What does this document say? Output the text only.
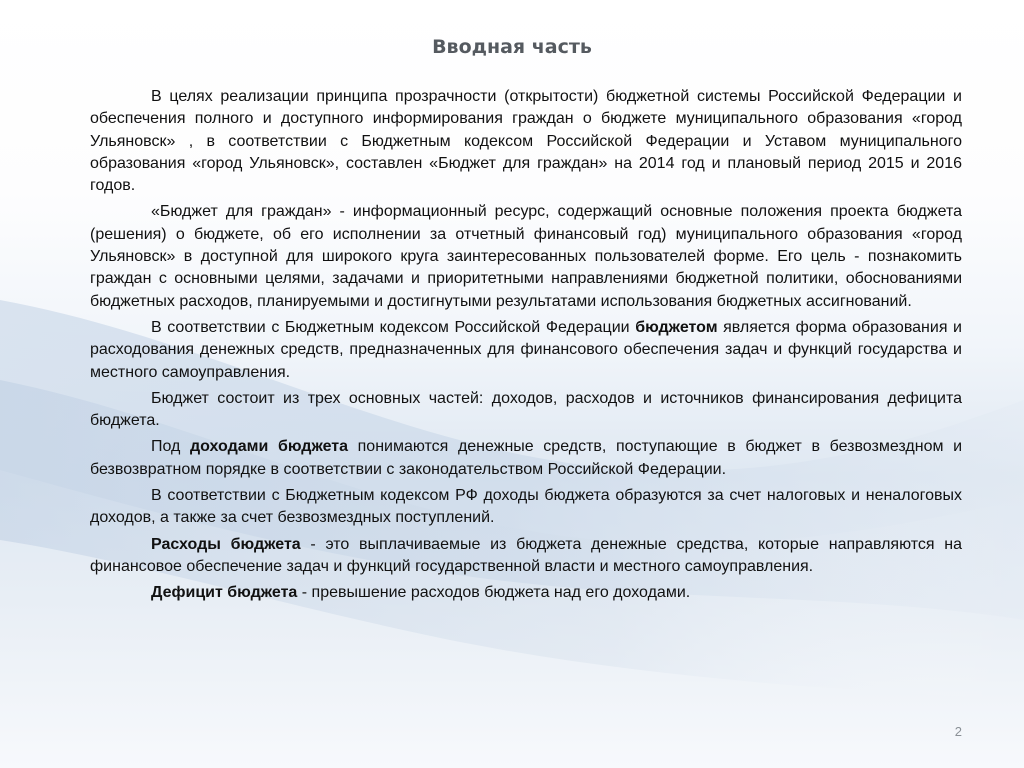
Вводная часть

В целях реализации принципа прозрачности (открытости) бюджетной системы Российской Федерации и обеспечения полного и доступного информирования граждан о бюджете муниципального образования «город Ульяновск» , в соответствии с Бюджетным кодексом Российской Федерации и Уставом муниципального образования «город Ульяновск», составлен «Бюджет для граждан» на 2014 год и плановый период 2015 и 2016 годов.

«Бюджет для граждан» - информационный ресурс, содержащий основные положения проекта бюджета (решения) о бюджете, об его исполнении за отчетный финансовый год) муниципального образования «город Ульяновск» в доступной для широкого круга заинтересованных пользователей форме. Его цель - познакомить граждан с основными целями, задачами и приоритетными направлениями бюджетной политики, обоснованиями бюджетных расходов, планируемыми и достигнутыми результатами использования бюджетных ассигнований.

В соответствии с Бюджетным кодексом Российской Федерации бюджетом является форма образования и расходования денежных средств, предназначенных для финансового обеспечения задач и функций государства и местного самоуправления.

Бюджет состоит из трех основных частей: доходов, расходов и источников финансирования дефицита бюджета.

Под доходами бюджета понимаются денежные средств, поступающие в бюджет в безвозмездном и безвозвратном порядке в соответствии с законодательством Российской Федерации.

В соответствии с Бюджетным кодексом РФ доходы бюджета образуются за счет налоговых и неналоговых доходов, а также за счет безвозмездных поступлений.

Расходы бюджета - это выплачиваемые из бюджета денежные средства, которые направляются на финансовое обеспечение задач и функций государственной власти и местного самоуправления.

Дефицит бюджета - превышение расходов бюджета над его доходами.

2
